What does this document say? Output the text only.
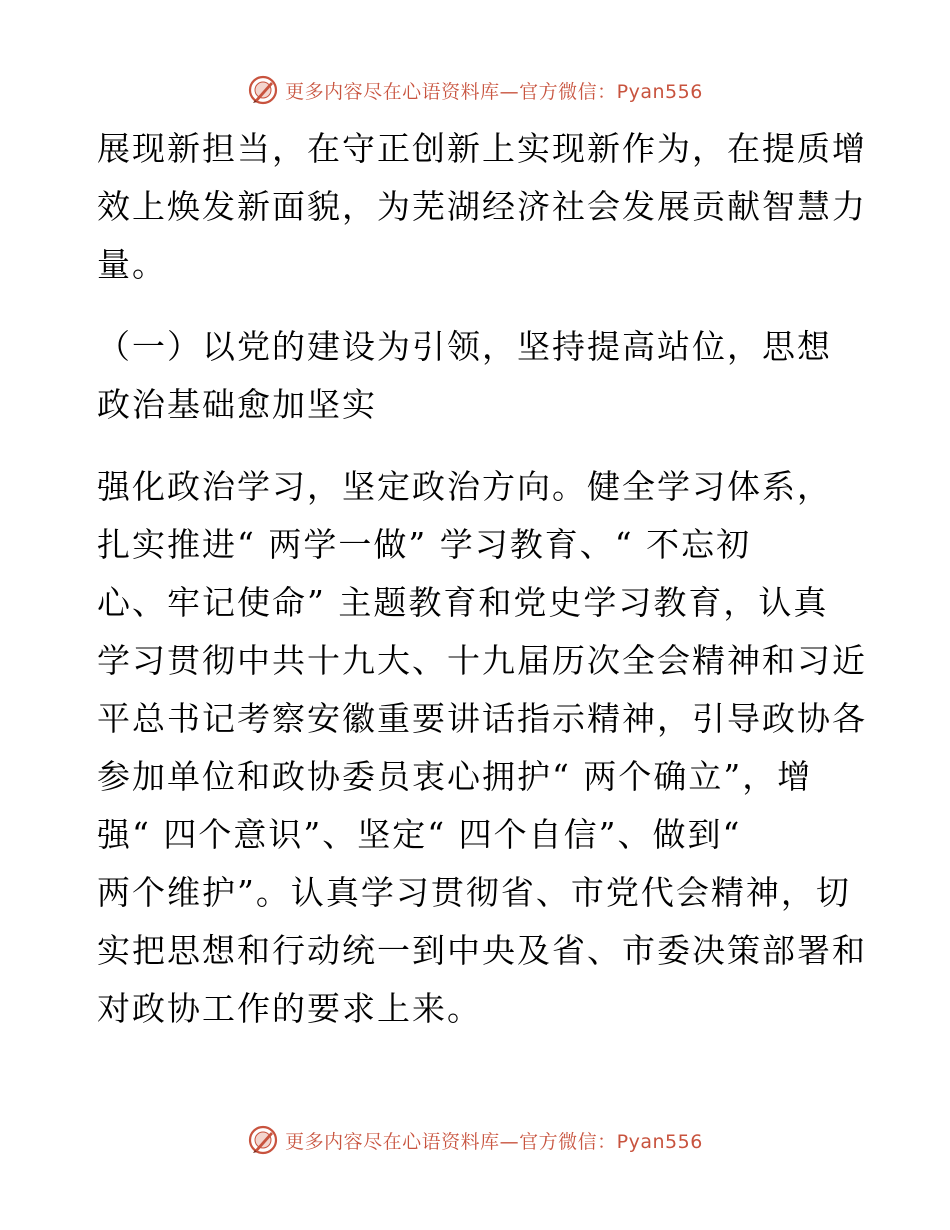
更多内容尽在心语资料库—官方微信：Pyan556
展现新担当，在守正创新上实现新作为，在提质增
效上焕发新面貌，为芜湖经济社会发展贡献智慧力
量。
（一）以党的建设为引领，坚持提高站位，思想
政治基础愈加坚实
强化政治学习，坚定政治方向。健全学习体系，
扎实推进“ 两学一做” 学习教育、“ 不忘初
心、牢记使命” 主题教育和党史学习教育，认真
学习贯彻中共十九大、十九届历次全会精神和习近
平总书记考察安徽重要讲话指示精神，引导政协各
参加单位和政协委员衷心拥护“ 两个确立”，增
强“ 四个意识”、坚定“ 四个自信”、做到“
两个维护”。认真学习贯彻省、市党代会精神，切
实把思想和行动统一到中央及省、市委决策部署和
对政协工作的要求上来。
更多内容尽在心语资料库—官方微信：Pyan556
